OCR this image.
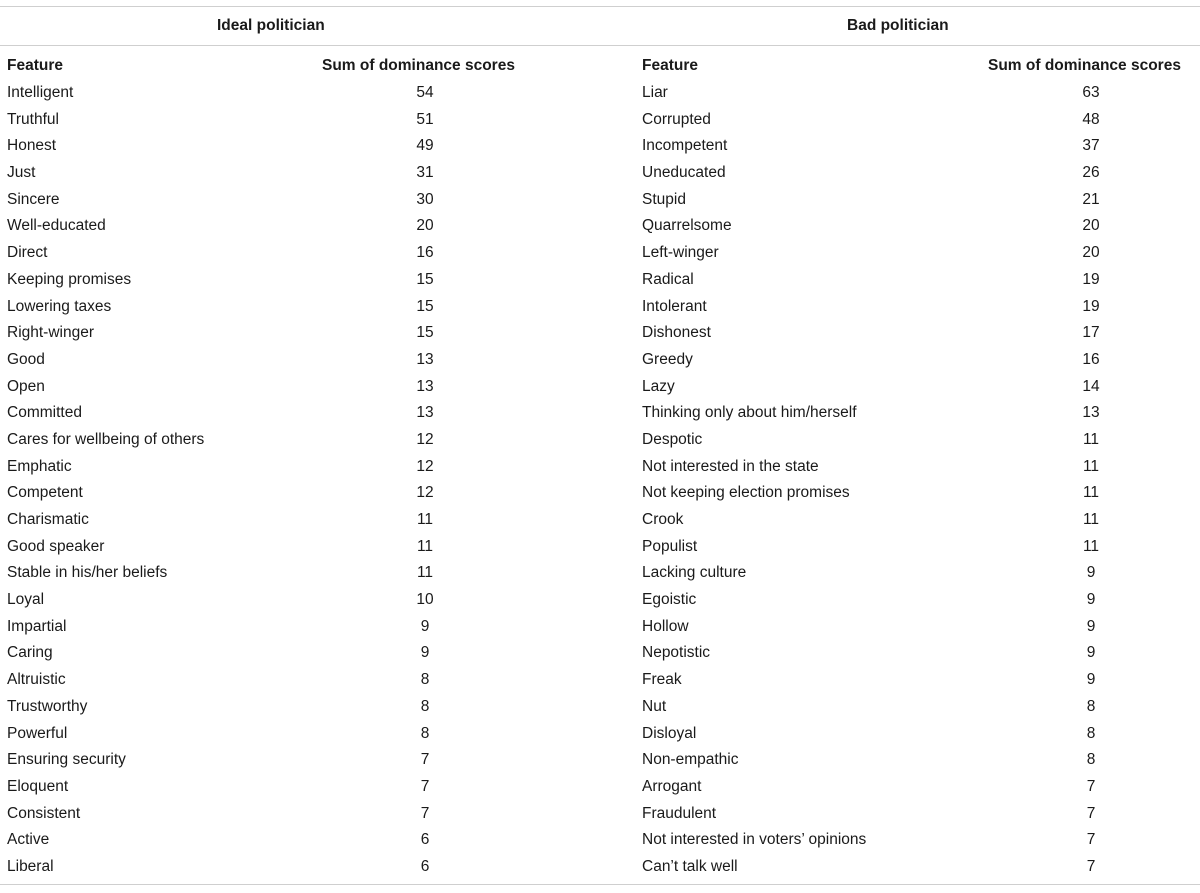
Ideal politician	Bad politician
Feature	Sum of dominance scores	Feature	Sum of dominance scores
Intelligent	54	Liar	63
Truthful	51	Corrupted	48
Honest	49	Incompetent	37
Just	31	Uneducated	26
Sincere	30	Stupid	21
Well-educated	20	Quarrelsome	20
Direct	16	Left-winger	20
Keeping promises	15	Radical	19
Lowering taxes	15	Intolerant	19
Right-winger	15	Dishonest	17
Good	13	Greedy	16
Open	13	Lazy	14
Committed	13	Thinking only about him/herself	13
Cares for wellbeing of others	12	Despotic	11
Emphatic	12	Not interested in the state	11
Competent	12	Not keeping election promises	11
Charismatic	11	Crook	11
Good speaker	11	Populist	11
Stable in his/her beliefs	11	Lacking culture	9
Loyal	10	Egoistic	9
Impartial	9	Hollow	9
Caring	9	Nepotistic	9
Altruistic	8	Freak	9
Trustworthy	8	Nut	8
Powerful	8	Disloyal	8
Ensuring security	7	Non-empathic	8
Eloquent	7	Arrogant	7
Consistent	7	Fraudulent	7
Active	6	Not interested in voters’ opinions	7
Liberal	6	Can’t talk well	7
